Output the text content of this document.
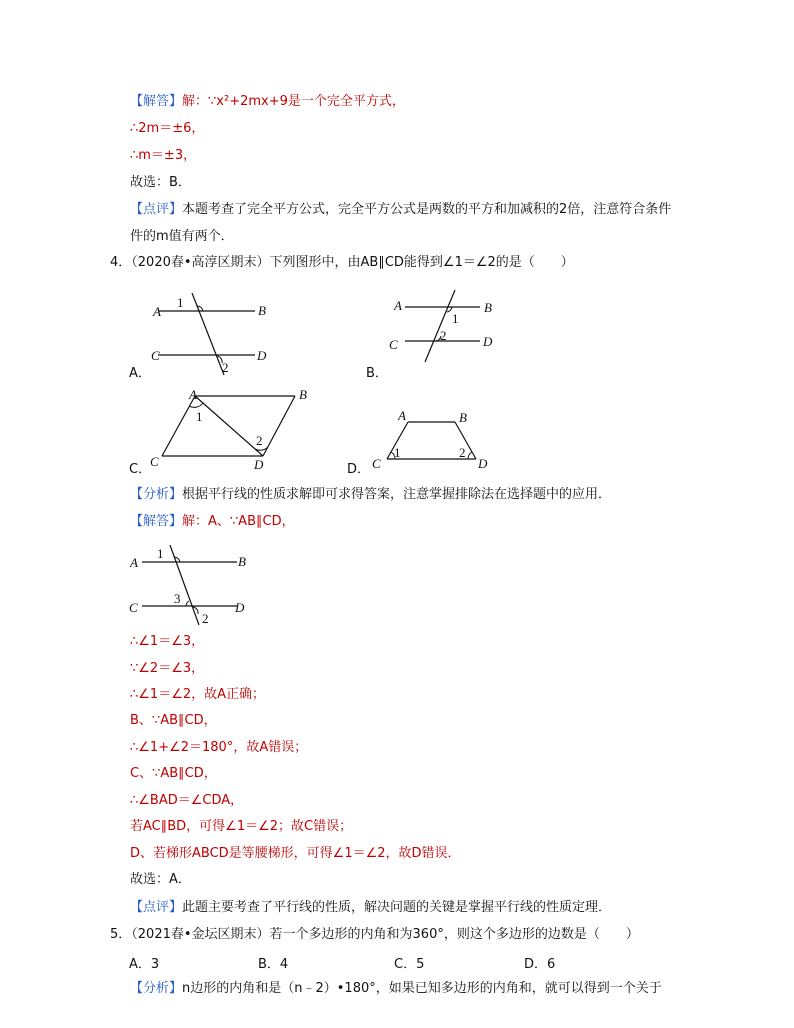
【解答】解：∵x²+2mx+9是一个完全平方式，
∴2m＝±6，
∴m＝±3，
故选：B．
【点评】本题考查了完全平方公式，完全平方公式是两数的平方和加减积的2倍，注意符合条件
件的m值有两个．
4．（2020春•高淳区期末）下列图形中，由AB∥CD能得到∠1＝∠2的是（　　）
A	B
C	D
1
2
A．
A	B
C	D
1
2
B．
A	B
C	D
1
2
C．
A	B
C	D
1	2
D．
【分析】根据平行线的性质求解即可求得答案，注意掌握排除法在选择题中的应用．
【解答】解：A、∵AB∥CD，
A	B
C	D
1
3
2
∴∠1＝∠3，
∵∠2＝∠3，
∴∠1＝∠2，故A正确；
B、∵AB∥CD，
∴∠1+∠2＝180°，故A错误；
C、∵AB∥CD，
∴∠BAD＝∠CDA，
若AC∥BD，可得∠1＝∠2；故C错误；
D、若梯形ABCD是等腰梯形，可得∠1＝∠2，故D错误．
故选：A．
【点评】此题主要考查了平行线的性质，解决问题的关键是掌握平行线的性质定理．
5．（2021春•金坛区期末）若一个多边形的内角和为360°，则这个多边形的边数是（　　）
A．3	B．4	C．5	D．6
【分析】n边形的内角和是（n﹣2）•180°，如果已知多边形的内角和，就可以得到一个关于
